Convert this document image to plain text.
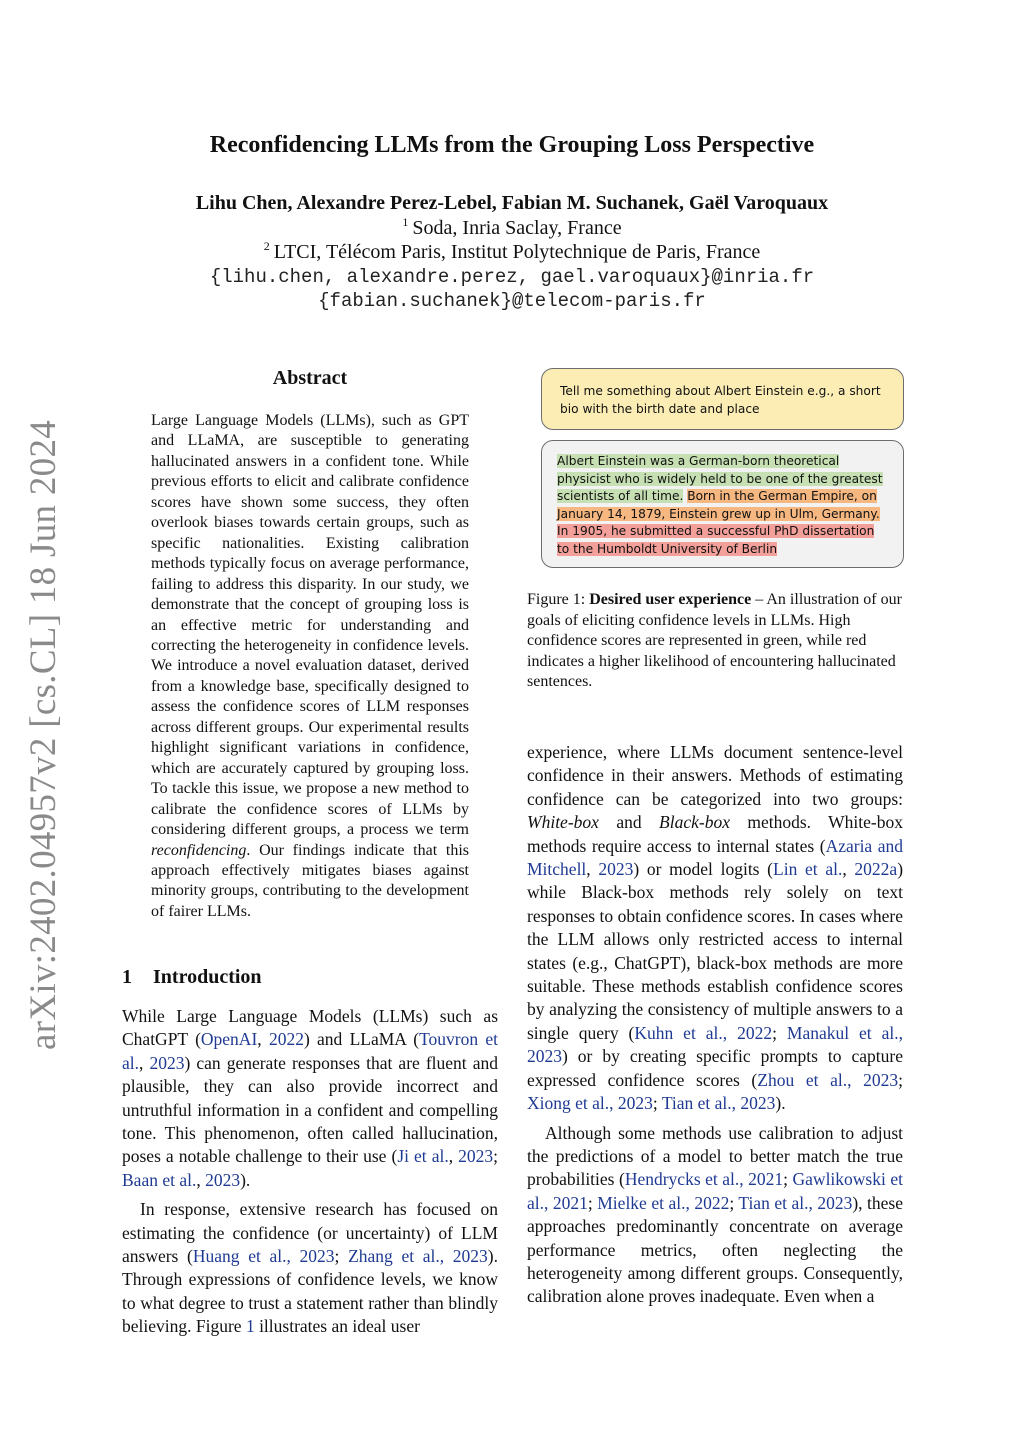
arXiv:2402.04957v2 [cs.CL] 18 Jun 2024
Reconfidencing LLMs from the Grouping Loss Perspective
Lihu Chen, Alexandre Perez-Lebel, Fabian M. Suchanek, Gaël Varoquaux
$^1$ Soda, Inria Saclay, France
$^2$ LTCI, Télécom Paris, Institut Polytechnique de Paris, France
{lihu.chen, alexandre.perez, gael.varoquaux}@inria.fr
{fabian.suchanek}@telecom-paris.fr
Abstract
Large Language Models (LLMs), such as GPT and LLaMA, are susceptible to generating hallucinated answers in a confident tone. While previous efforts to elicit and calibrate confidence scores have shown some success, they often overlook biases towards certain groups, such as specific nationalities. Existing calibration methods typically focus on average performance, failing to address this disparity. In our study, we demonstrate that the concept of grouping loss is an effective metric for understanding and correcting the heterogeneity in confidence levels. We introduce a novel evaluation dataset, derived from a knowledge base, specifically designed to assess the confidence scores of LLM responses across different groups. Our experimental results highlight significant variations in confidence, which are accurately captured by grouping loss. To tackle this issue, we propose a new method to calibrate the confidence scores of LLMs by considering different groups, a process we term reconfidencing. Our findings indicate that this approach effectively mitigates biases against minority groups, contributing to the development of fairer LLMs.
1 Introduction

While Large Language Models (LLMs) such as ChatGPT (OpenAI, 2022) and LLaMA (Touvron et al., 2023) can generate responses that are fluent and plausible, they can also provide incorrect and untruthful information in a confident and compelling tone. This phenomenon, often called hallucination, poses a notable challenge to their use (Ji et al., 2023; Baan et al., 2023).

In response, extensive research has focused on estimating the confidence (or uncertainty) of LLM answers (Huang et al., 2023; Zhang et al., 2023). Through expressions of confidence levels, we know to what degree to trust a statement rather than blindly believing. Figure 1 illustrates an ideal user

Tell me something about Albert Einstein e.g., a short bio with the birth date and place
Albert Einstein was a German-born theoretical physicist who is widely held to be one of the greatest scientists of all time. Born in the German Empire, on January 14, 1879, Einstein grew up in Ulm, Germany. In 1905, he submitted a successful PhD dissertation to the Humboldt University of Berlin
Figure 1: Desired user experience – An illustration of our goals of eliciting confidence levels in LLMs. High confidence scores are represented in green, while red indicates a higher likelihood of encountering hallucinated sentences.

experience, where LLMs document sentence-level confidence in their answers. Methods of estimating confidence can be categorized into two groups: White-box and Black-box methods. White-box methods require access to internal states (Azaria and Mitchell, 2023) or model logits (Lin et al., 2022a) while Black-box methods rely solely on text responses to obtain confidence scores. In cases where the LLM allows only restricted access to internal states (e.g., ChatGPT), black-box methods are more suitable. These methods establish confidence scores by analyzing the consistency of multiple answers to a single query (Kuhn et al., 2022; Manakul et al., 2023) or by creating specific prompts to capture expressed confidence scores (Zhou et al., 2023; Xiong et al., 2023; Tian et al., 2023).

Although some methods use calibration to adjust the predictions of a model to better match the true probabilities (Hendrycks et al., 2021; Gawlikowski et al., 2021; Mielke et al., 2022; Tian et al., 2023), these approaches predominantly concentrate on average performance metrics, often neglecting the heterogeneity among different groups. Consequently, calibration alone proves inadequate. Even when a
